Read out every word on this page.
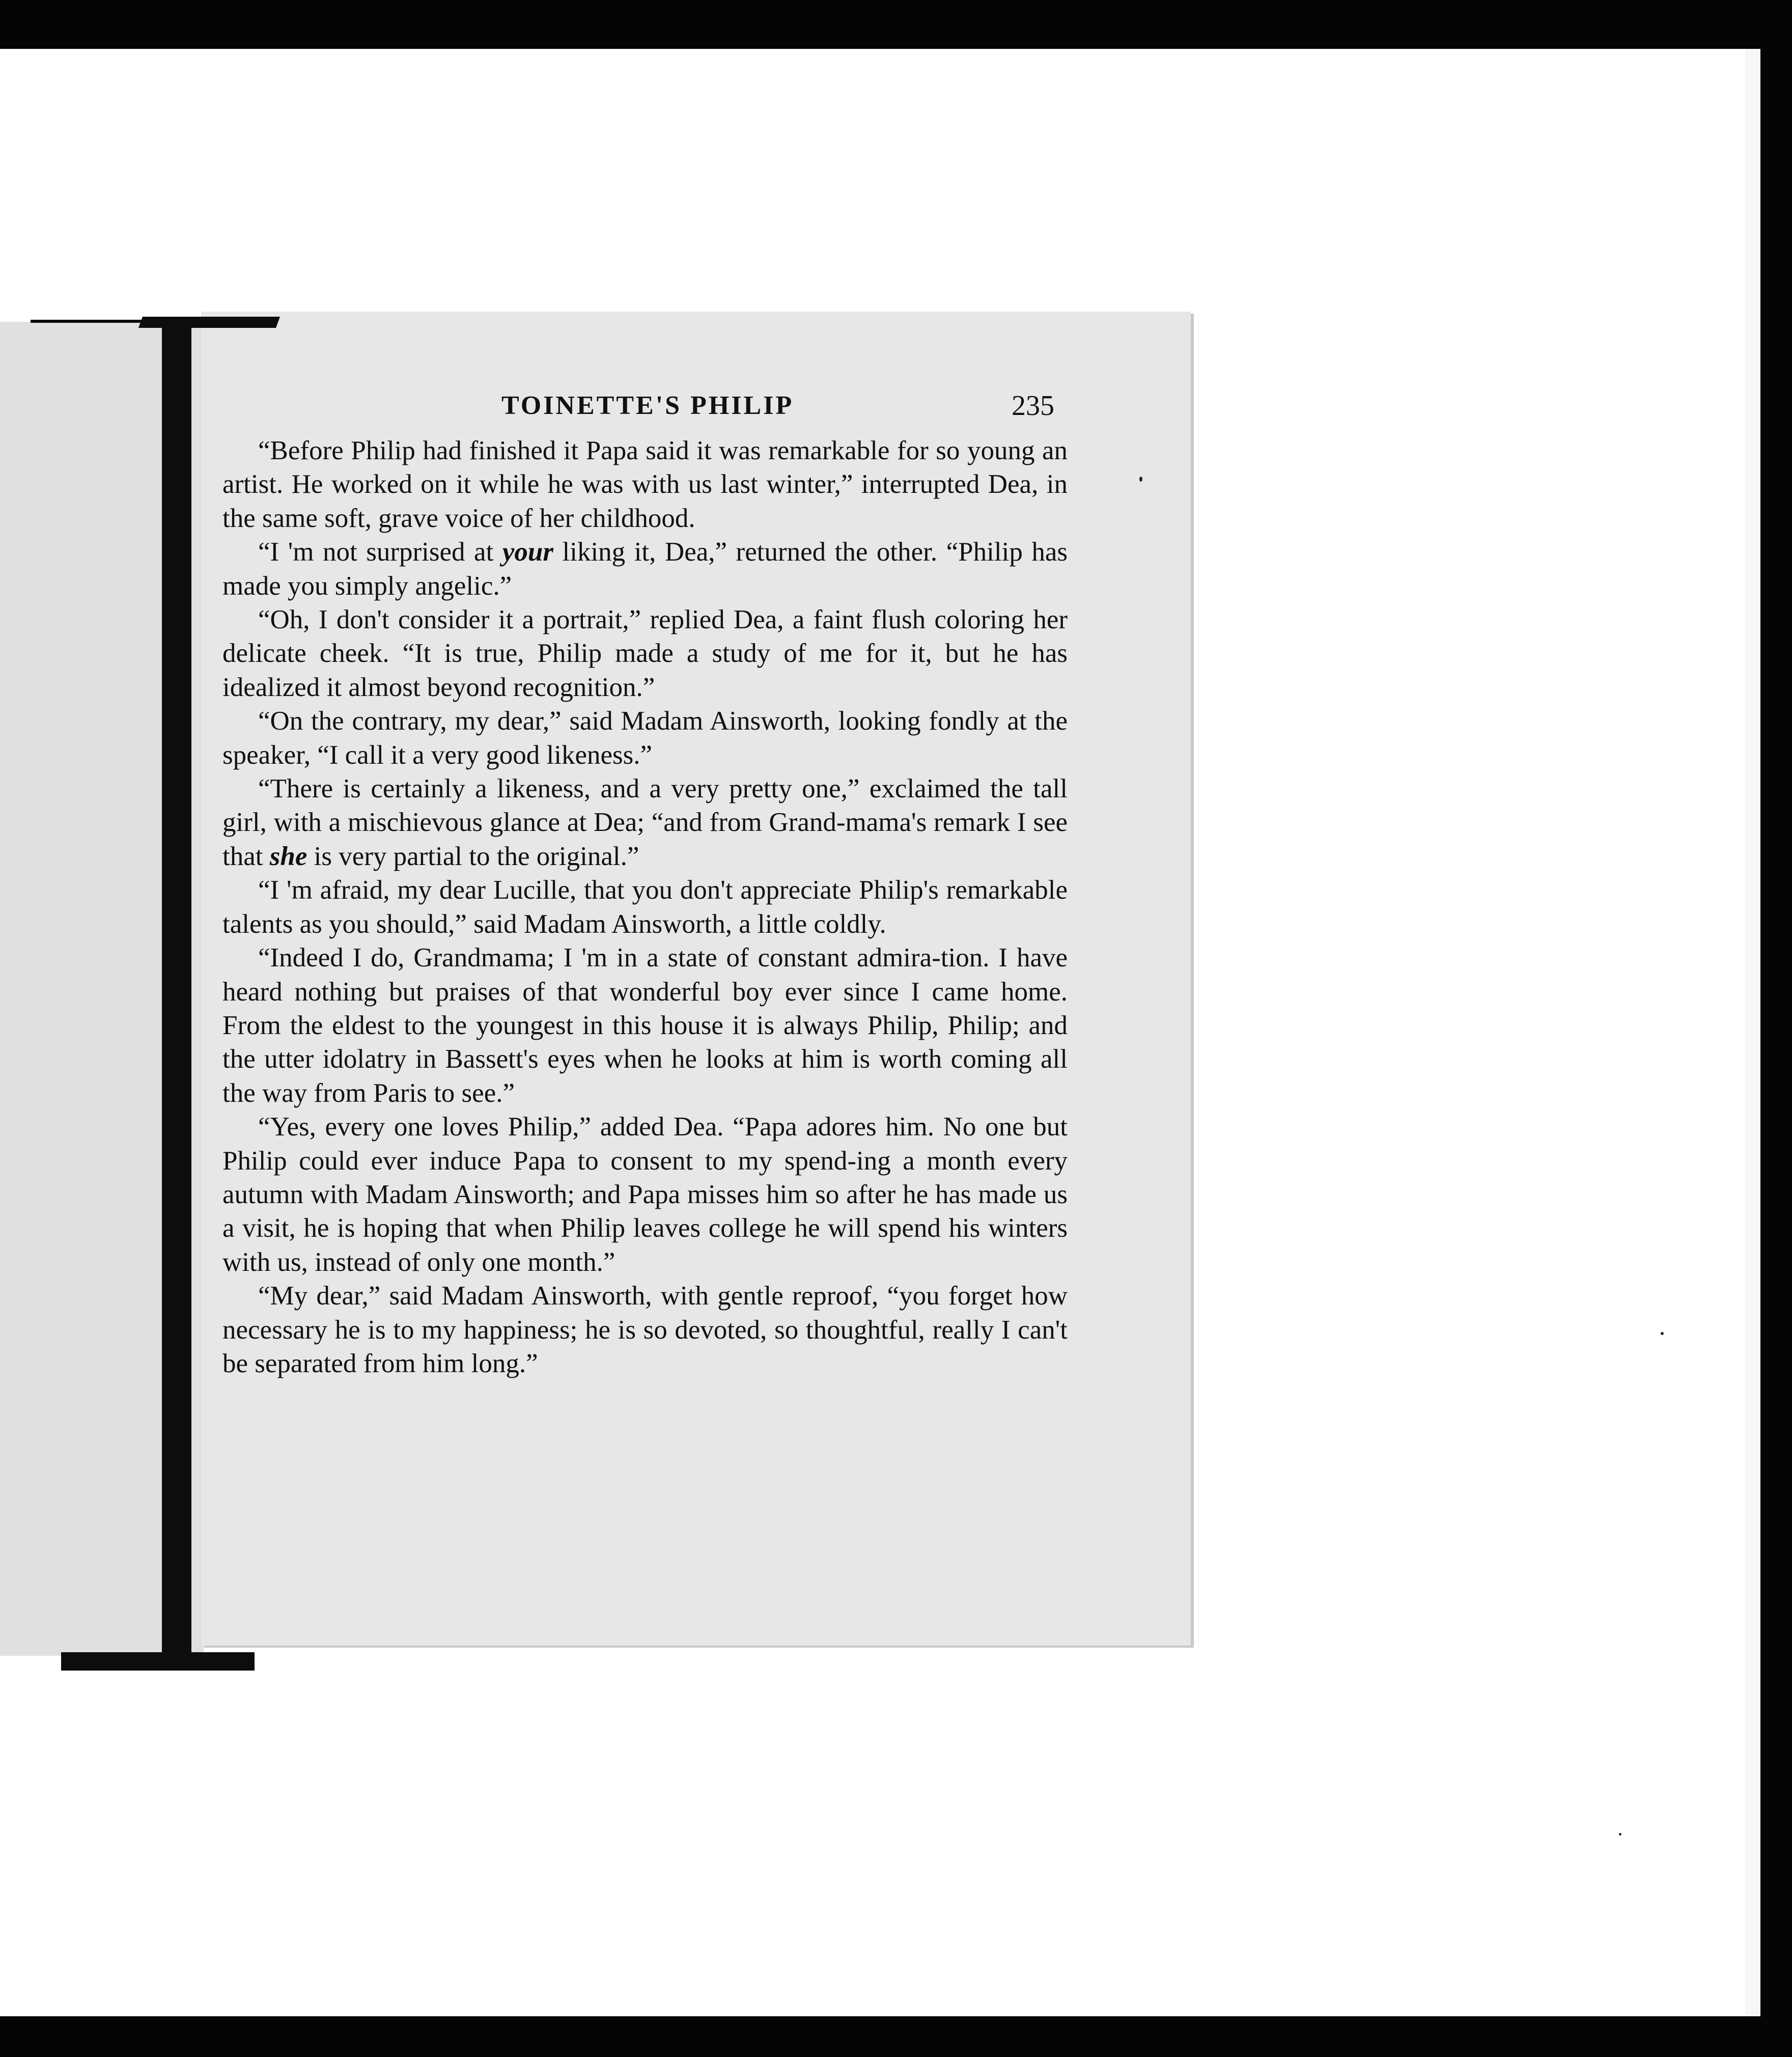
TOINETTE'S PHILIP	235

“Before Philip had finished it Papa said it was remarkable for so young an artist. He worked on it while he was with us last winter,” interrupted Dea, in the same soft, grave voice of her childhood.

“I 'm not surprised at your liking it, Dea,” returned the other. “Philip has made you simply angelic.”

“Oh, I don't consider it a portrait,” replied Dea, a faint flush coloring her delicate cheek. “It is true, Philip made a study of me for it, but he has idealized it almost beyond recognition.”

“On the contrary, my dear,” said Madam Ainsworth, looking fondly at the speaker, “I call it a very good likeness.”

“There is certainly a likeness, and a very pretty one,” exclaimed the tall girl, with a mischievous glance at Dea; “and from Grand-mama's remark I see that she is very partial to the original.”

“I 'm afraid, my dear Lucille, that you don't appreciate Philip's remarkable talents as you should,” said Madam Ainsworth, a little coldly.

“Indeed I do, Grandmama; I 'm in a state of constant admira-tion. I have heard nothing but praises of that wonderful boy ever since I came home. From the eldest to the youngest in this house it is always Philip, Philip; and the utter idolatry in Bassett's eyes when he looks at him is worth coming all the way from Paris to see.”

“Yes, every one loves Philip,” added Dea. “Papa adores him. No one but Philip could ever induce Papa to consent to my spend-ing a month every autumn with Madam Ainsworth; and Papa misses him so after he has made us a visit, he is hoping that when Philip leaves college he will spend his winters with us, instead of only one month.”

“My dear,” said Madam Ainsworth, with gentle reproof, “you forget how necessary he is to my happiness; he is so devoted, so thoughtful, really I can't be separated from him long.”
